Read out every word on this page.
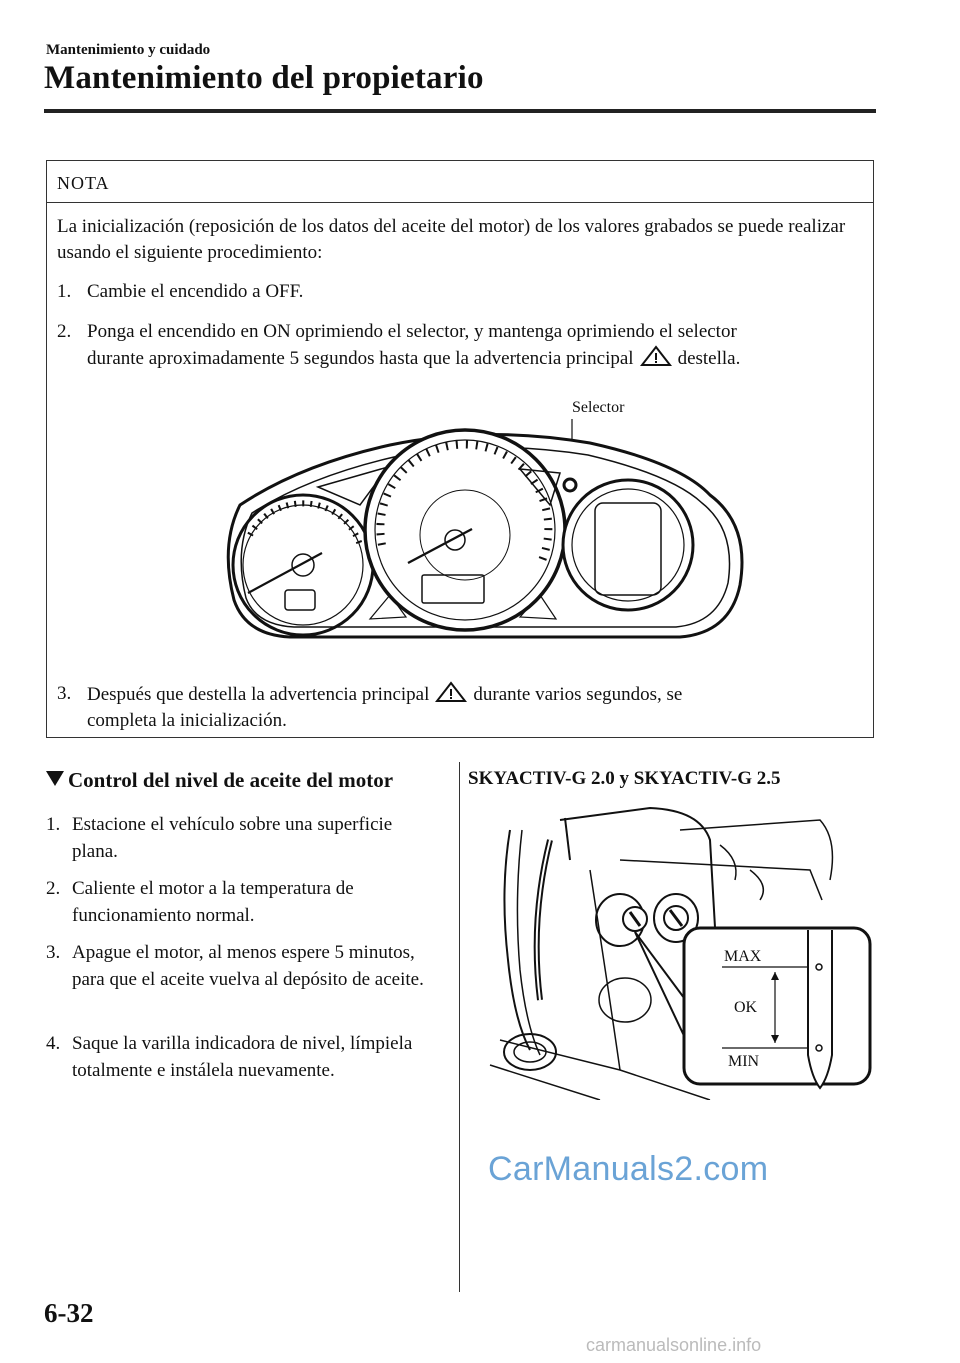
Mantenimiento y cuidado
Mantenimiento del propietario
NOTA
La inicialización (reposición de los datos del aceite del motor) de los valores grabados se puede realizar usando el siguiente procedimiento:
1. Cambie el encendido a OFF.
2. Ponga el encendido en ON oprimiendo el selector, y mantenga oprimiendo el selector
durante aproximadamente 5 segundos hasta que la advertencia principal destella.
3. Después que destella la advertencia principal durante varios segundos, se
completa la inicialización.
Selector
Control del nivel de aceite del motor
1. Estacione el vehículo sobre una superficie plana.
2. Caliente el motor a la temperatura de funcionamiento normal.
3. Apague el motor, al menos espere 5 minutos, para que el aceite vuelva al depósito de aceite.
4. Saque la varilla indicadora de nivel, límpiela totalmente e instálela nuevamente.
SKYACTIV-G 2.0 y SKYACTIV-G 2.5
MAX
OK
MIN
CarManuals2.com
6-32
carmanualsonline.info
